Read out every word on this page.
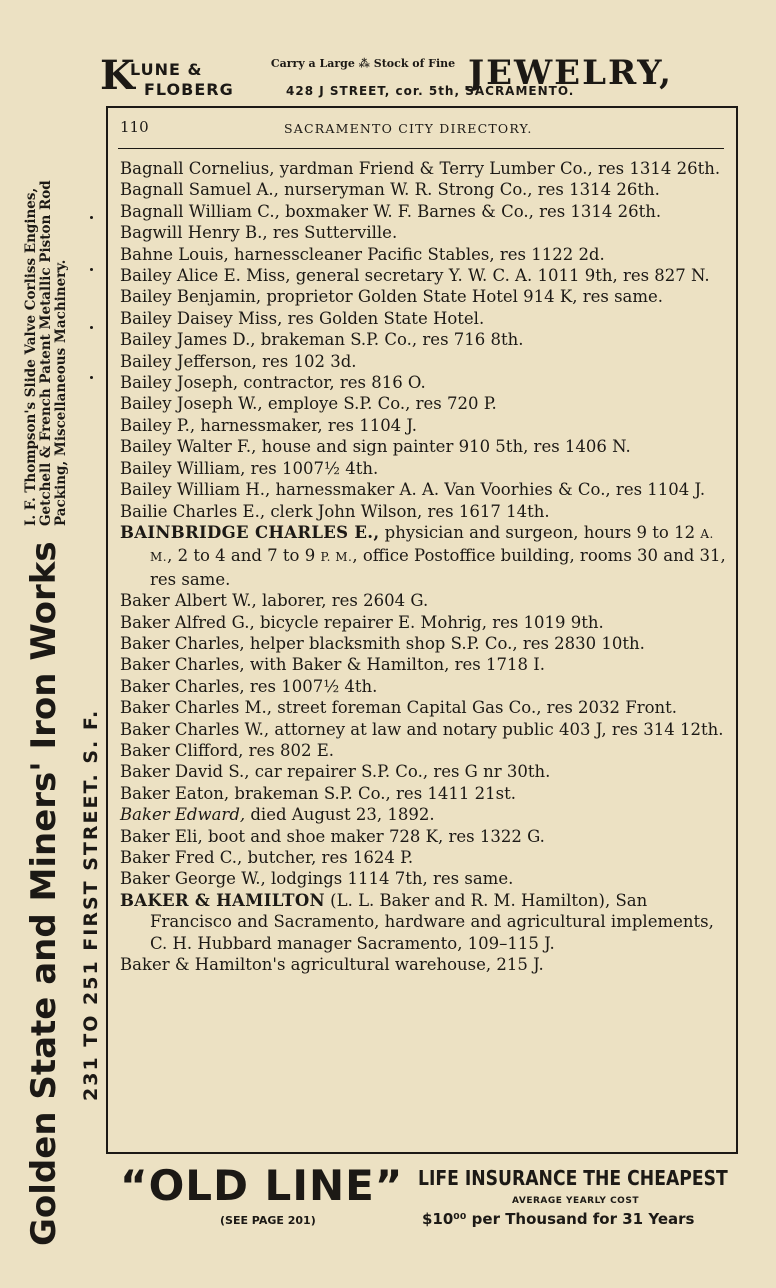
K
LUNE &
FLOBERG
Carry a Large ⁂ Stock of Fine JEWELRY,
428 J STREET, cor. 5th, SACRAMENTO.
Golden State and Miners' Iron Works 231 TO 251 FIRST STREET. S. F.
I. F. Thompson's Slide Valve Corliss Engines, Getchell & French Patent Metallic Piston Rod Packing, Miscellaneous Machinery.
110	SACRAMENTO CITY DIRECTORY.
Bagnall Cornelius, yardman Friend & Terry Lumber Co., res 1314 26th.
Bagnall Samuel A., nurseryman W. R. Strong Co., res 1314 26th.
Bagnall William C., boxmaker W. F. Barnes & Co., res 1314 26th.
Bagwill Henry B., res Sutterville.
Bahne Louis, harnesscleaner Pacific Stables, res 1122 2d.
Bailey Alice E. Miss, general secretary Y. W. C. A. 1011 9th, res 827 N.
Bailey Benjamin, proprietor Golden State Hotel 914 K, res same.
Bailey Daisey Miss, res Golden State Hotel.
Bailey James D., brakeman S.P. Co., res 716 8th.
Bailey Jefferson, res 102 3d.
Bailey Joseph, contractor, res 816 O.
Bailey Joseph W., employe S.P. Co., res 720 P.
Bailey P., harnessmaker, res 1104 J.
Bailey Walter F., house and sign painter 910 5th, res 1406 N.
Bailey William, res 1007½ 4th.
Bailey William H., harnessmaker A. A. Van Voorhies & Co., res 1104 J.
Bailie Charles E., clerk John Wilson, res 1617 14th.
BAINBRIDGE CHARLES E., physician and surgeon, hours 9 to 12 A. M., 2 to 4 and 7 to 9 P. M., office Postoffice building, rooms 30 and 31, res same.
Baker Albert W., laborer, res 2604 G.
Baker Alfred G., bicycle repairer E. Mohrig, res 1019 9th.
Baker Charles, helper blacksmith shop S.P. Co., res 2830 10th.
Baker Charles, with Baker & Hamilton, res 1718 I.
Baker Charles, res 1007½ 4th.
Baker Charles M., street foreman Capital Gas Co., res 2032 Front.
Baker Charles W., attorney at law and notary public 403 J, res 314 12th.
Baker Clifford, res 802 E.
Baker David S., car repairer S.P. Co., res G nr 30th.
Baker Eaton, brakeman S.P. Co., res 1411 21st.
Baker Edward, died August 23, 1892.
Baker Eli, boot and shoe maker 728 K, res 1322 G.
Baker Fred C., butcher, res 1624 P.
Baker George W., lodgings 1114 7th, res same.
BAKER & HAMILTON (L. L. Baker and R. M. Hamilton), San Francisco and Sacramento, hardware and agricultural implements, C. H. Hubbard manager Sacramento, 109–115 J.
Baker & Hamilton's agricultural warehouse, 215 J.
“OLD LINE” LIFE INSURANCE THE CHEAPEST
AVERAGE YEARLY COST
(SEE PAGE 201)	$10⁰⁰ per Thousand for 31 Years
